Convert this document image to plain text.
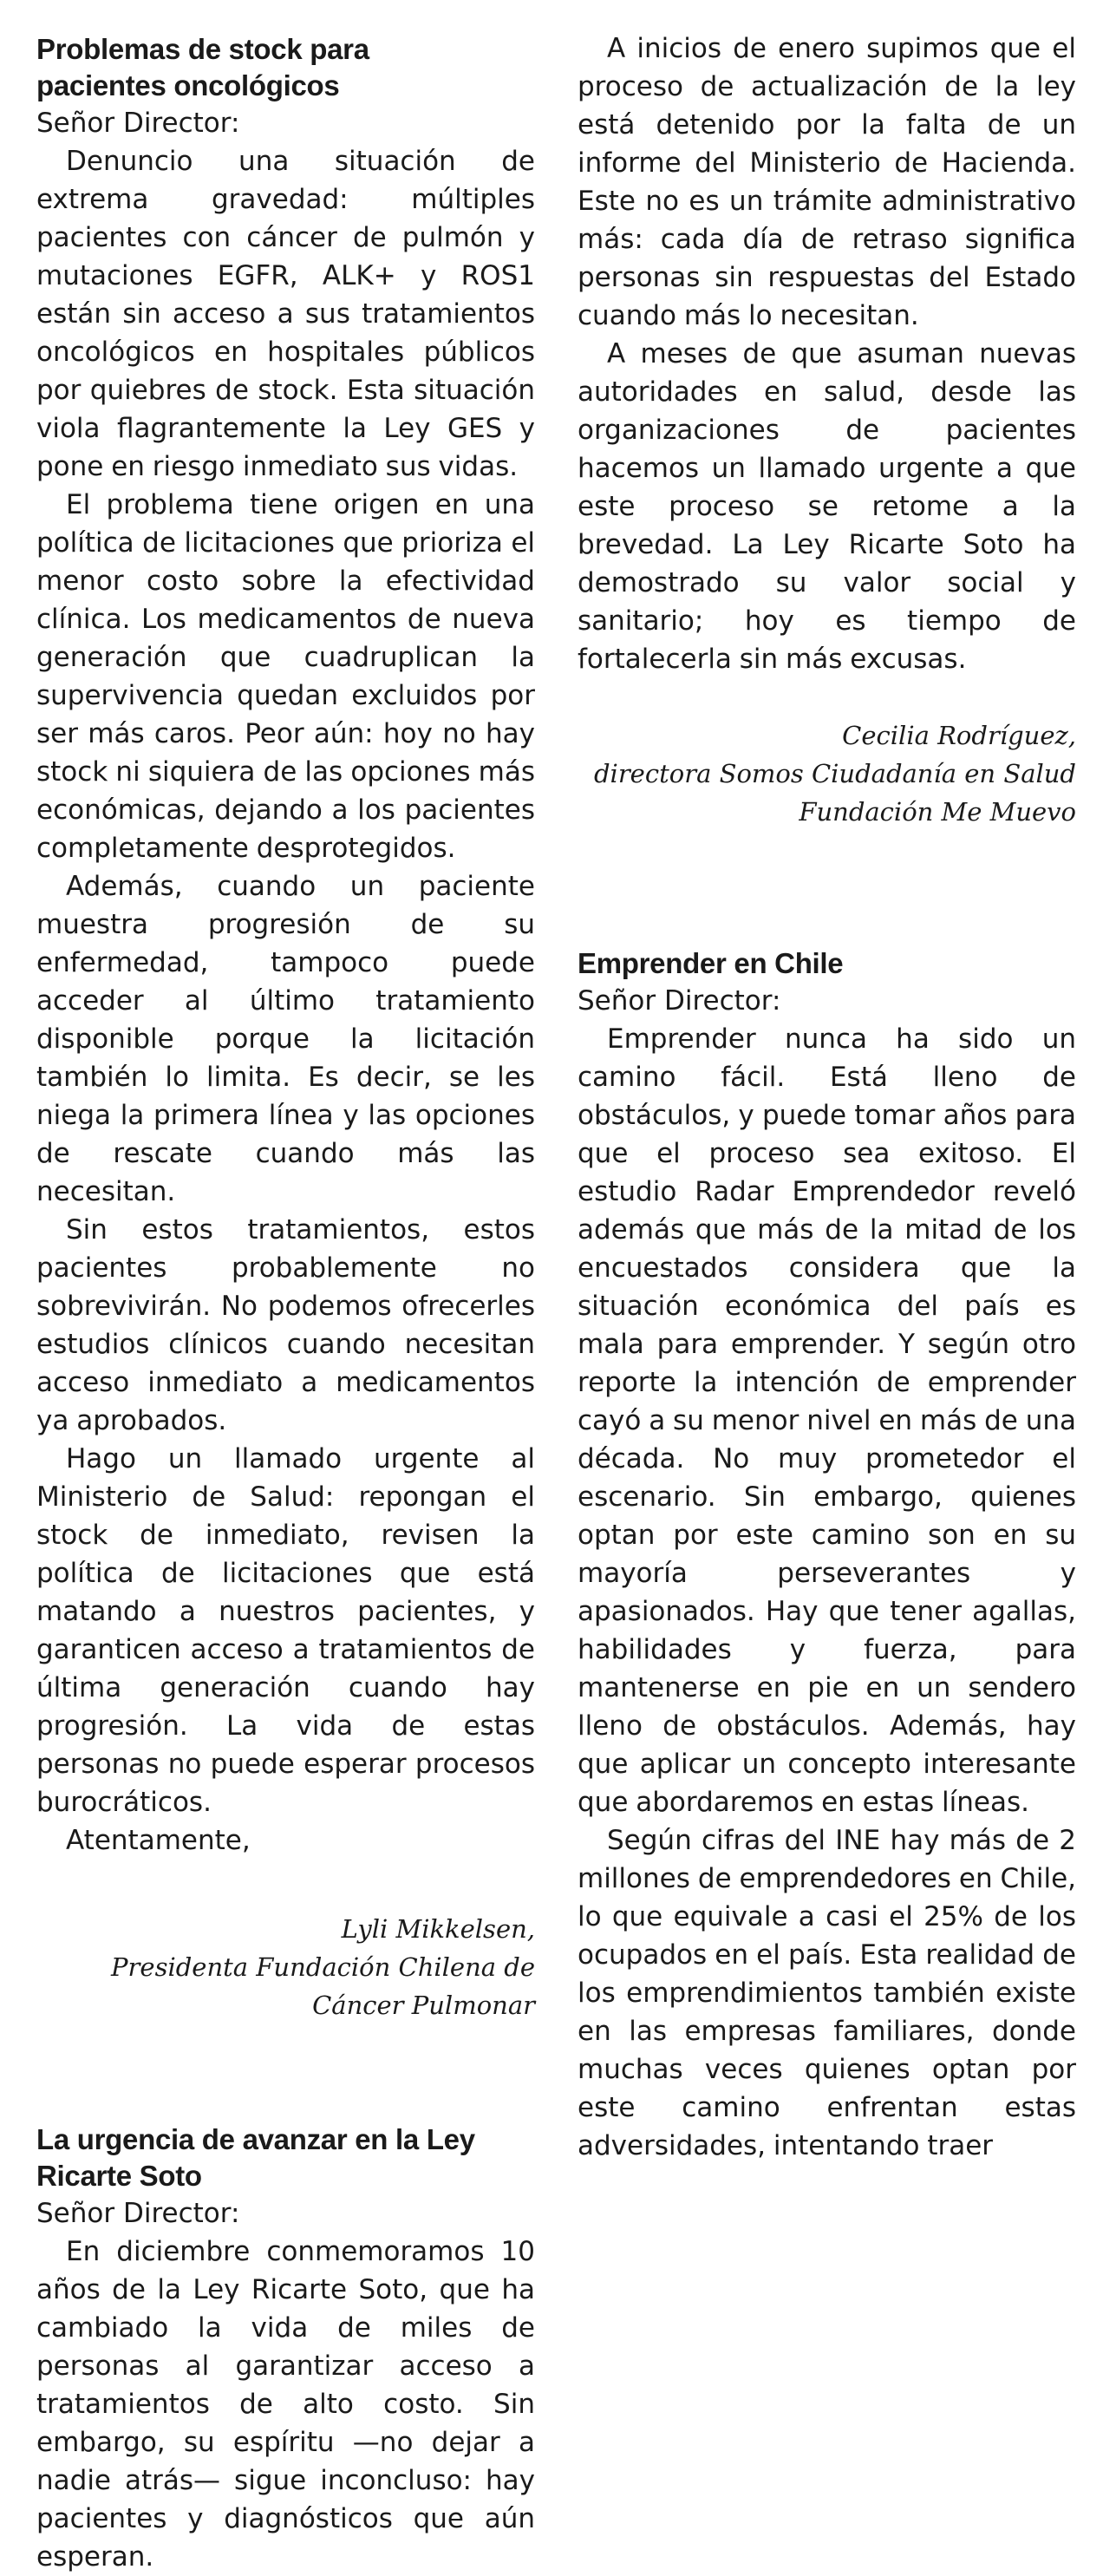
Problemas de stock para
pacientes oncológicos

Señor Director:

Denuncio una situación de extrema gravedad: múltiples pacientes con cáncer de pulmón y mutaciones EGFR, ALK+ y ROS1 están sin acceso a sus tratamientos oncológicos en hospitales públicos por quiebres de stock. Esta situación viola flagrantemente la Ley GES y pone en riesgo inmediato sus vidas.

El problema tiene origen en una política de licitaciones que prioriza el menor costo sobre la efectividad clínica. Los medicamentos de nueva generación que cuadruplican la supervivencia quedan excluidos por ser más caros. Peor aún: hoy no hay stock ni siquiera de las opciones más económicas, dejando a los pacientes completamente desprotegidos.

Además, cuando un paciente muestra progresión de su enfermedad, tampoco puede acceder al último tratamiento disponible porque la licitación también lo limita. Es decir, se les niega la primera línea y las opciones de rescate cuando más las necesitan.

Sin estos tratamientos, estos pacientes probablemente no sobrevivirán. No podemos ofrecerles estudios clínicos cuando necesitan acceso inmediato a medicamentos ya aprobados.

Hago un llamado urgente al Ministerio de Salud: repongan el stock de inmediato, revisen la política de licitaciones que está matando a nuestros pacientes, y garanticen acceso a tratamientos de última generación cuando hay progresión. La vida de estas personas no puede esperar procesos burocráticos.

Atentamente,

Lyli Mikkelsen,

Presidenta Fundación Chilena de

Cáncer Pulmonar

La urgencia de avanzar en la Ley
Ricarte Soto

Señor Director:

En diciembre conmemoramos 10 años de la Ley Ricarte Soto, que ha cambiado la vida de miles de personas al garantizar acceso a tratamientos de alto costo. Sin embargo, su espíritu —no dejar a nadie atrás— sigue inconcluso: hay pacientes y diagnósticos que aún esperan.

A inicios de enero supimos que el proceso de actualización de la ley está detenido por la falta de un informe del Ministerio de Hacienda. Este no es un trámite administrativo más: cada día de retraso significa personas sin respuestas del Estado cuando más lo necesitan.

A meses de que asuman nuevas autoridades en salud, desde las organizaciones de pacientes hacemos un llamado urgente a que este proceso se retome a la brevedad. La Ley Ricarte Soto ha demostrado su valor social y sanitario; hoy es tiempo de fortalecerla sin más excusas.

Cecilia Rodríguez,

directora Somos Ciudadanía en Salud

Fundación Me Muevo

Emprender en Chile

Señor Director:

Emprender nunca ha sido un camino fácil. Está lleno de obstáculos, y puede tomar años para que el proceso sea exitoso. El estudio Radar Emprendedor reveló además que más de la mitad de los encuestados considera que la situación económica del país es mala para emprender. Y según otro reporte la intención de emprender cayó a su menor nivel en más de una década. No muy prometedor el escenario. Sin embargo, quienes optan por este camino son en su mayoría perseverantes y apasionados. Hay que tener agallas, habilidades y fuerza, para mantenerse en pie en un sendero lleno de obstáculos. Además, hay que aplicar un concepto interesante que abordaremos en estas líneas.

Según cifras del INE hay más de 2 millones de emprendedores en Chile, lo que equivale a casi el 25% de los ocupados en el país. Esta realidad de los emprendimientos también existe en las empresas familiares, donde muchas veces quienes optan por este camino enfrentan estas adversidades, intentando traer
